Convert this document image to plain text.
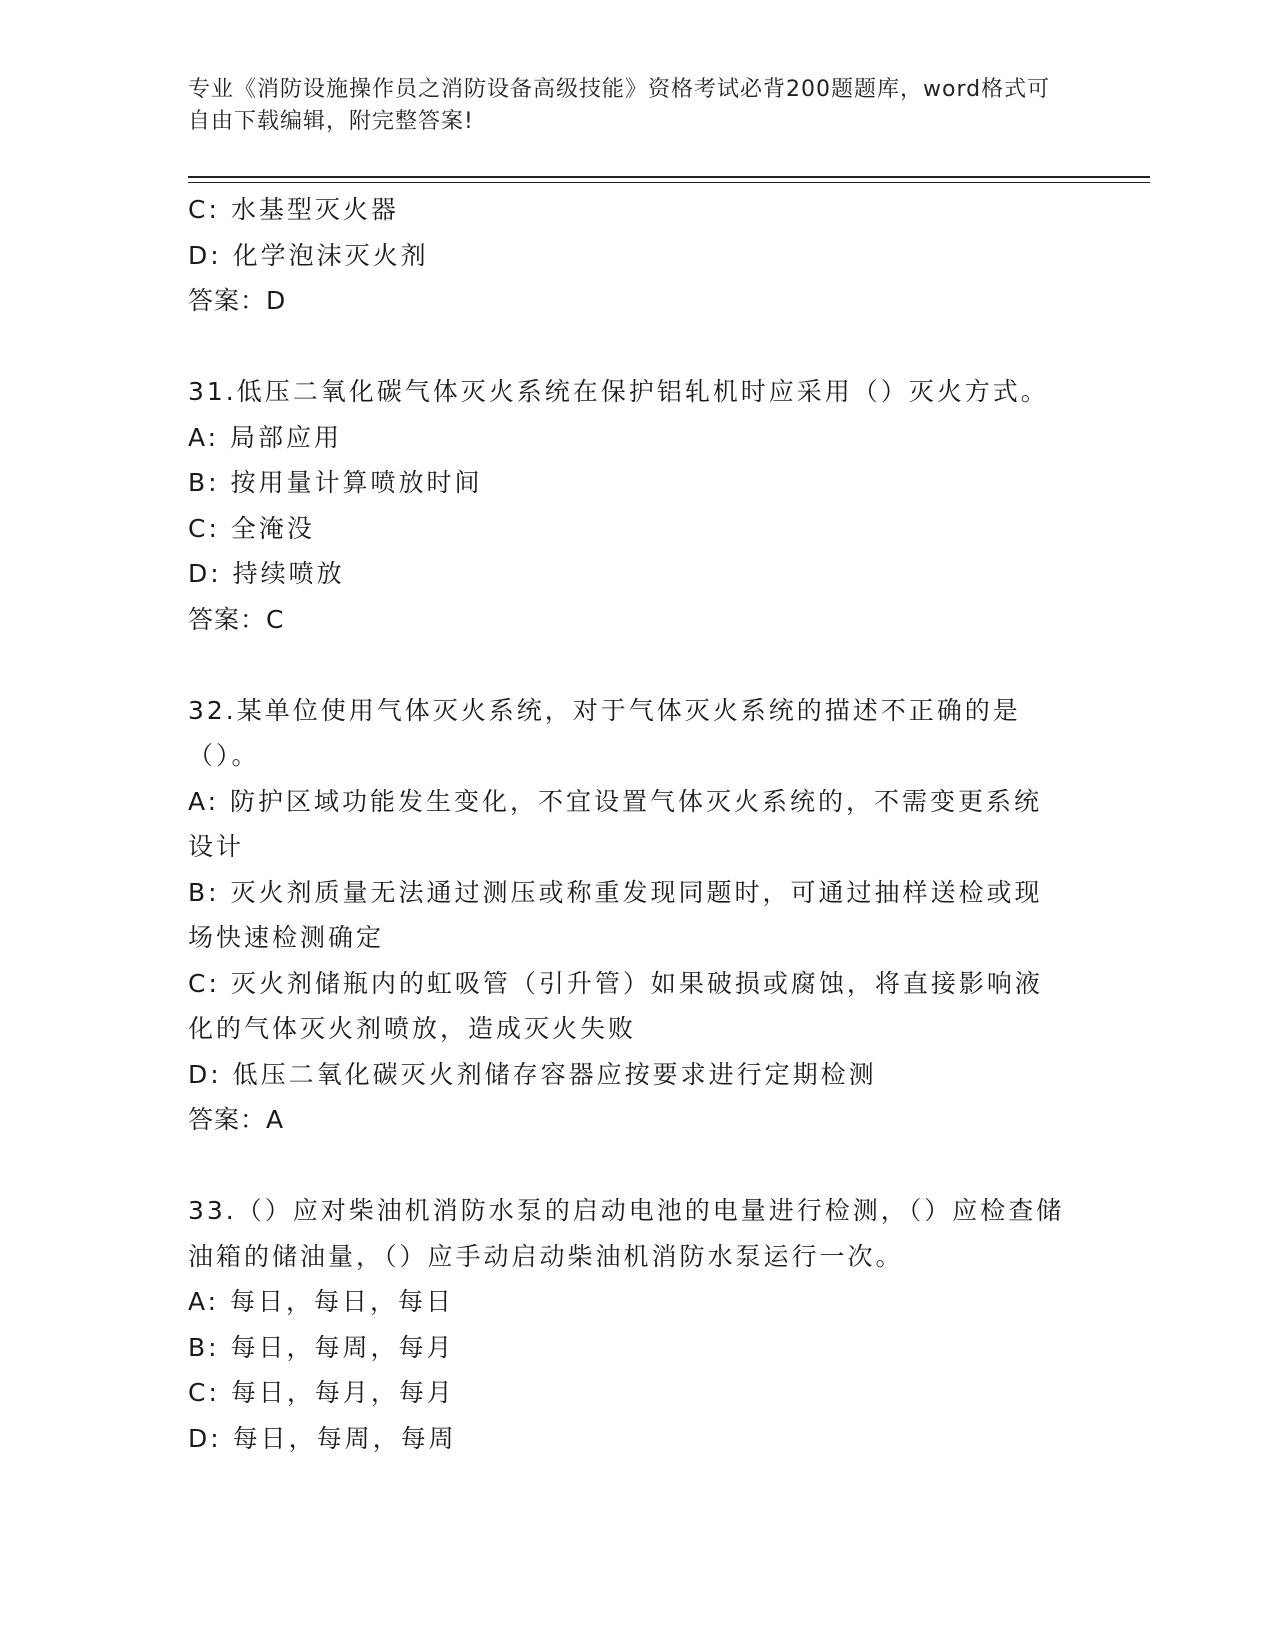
专业《消防设施操作员之消防设备高级技能》资格考试必背200题题库，word格式可自由下载编辑，附完整答案!

C: 水基型灭火器

D: 化学泡沫灭火剂

答案：D

31.低压二氧化碳气体灭火系统在保护铝轧机时应采用（）灭火方式。

A: 局部应用

B: 按用量计算喷放时间

C: 全淹没

D: 持续喷放

答案：C

32.某单位使用气体灭火系统，对于气体灭火系统的描述不正确的是（）。

A: 防护区域功能发生变化，不宜设置气体灭火系统的，不需变更系统设计

B: 灭火剂质量无法通过测压或称重发现同题时，可通过抽样送检或现场快速检测确定

C: 灭火剂储瓶内的虹吸管（引升管）如果破损或腐蚀，将直接影响液化的气体灭火剂喷放，造成灭火失败

D: 低压二氧化碳灭火剂储存容器应按要求进行定期检测

答案：A

33.（）应对柴油机消防水泵的启动电池的电量进行检测，（）应检查储油箱的储油量，（）应手动启动柴油机消防水泵运行一次。

A: 每日，每日，每日

B: 每日，每周，每月

C: 每日，每月，每月

D: 每日，每周，每周
